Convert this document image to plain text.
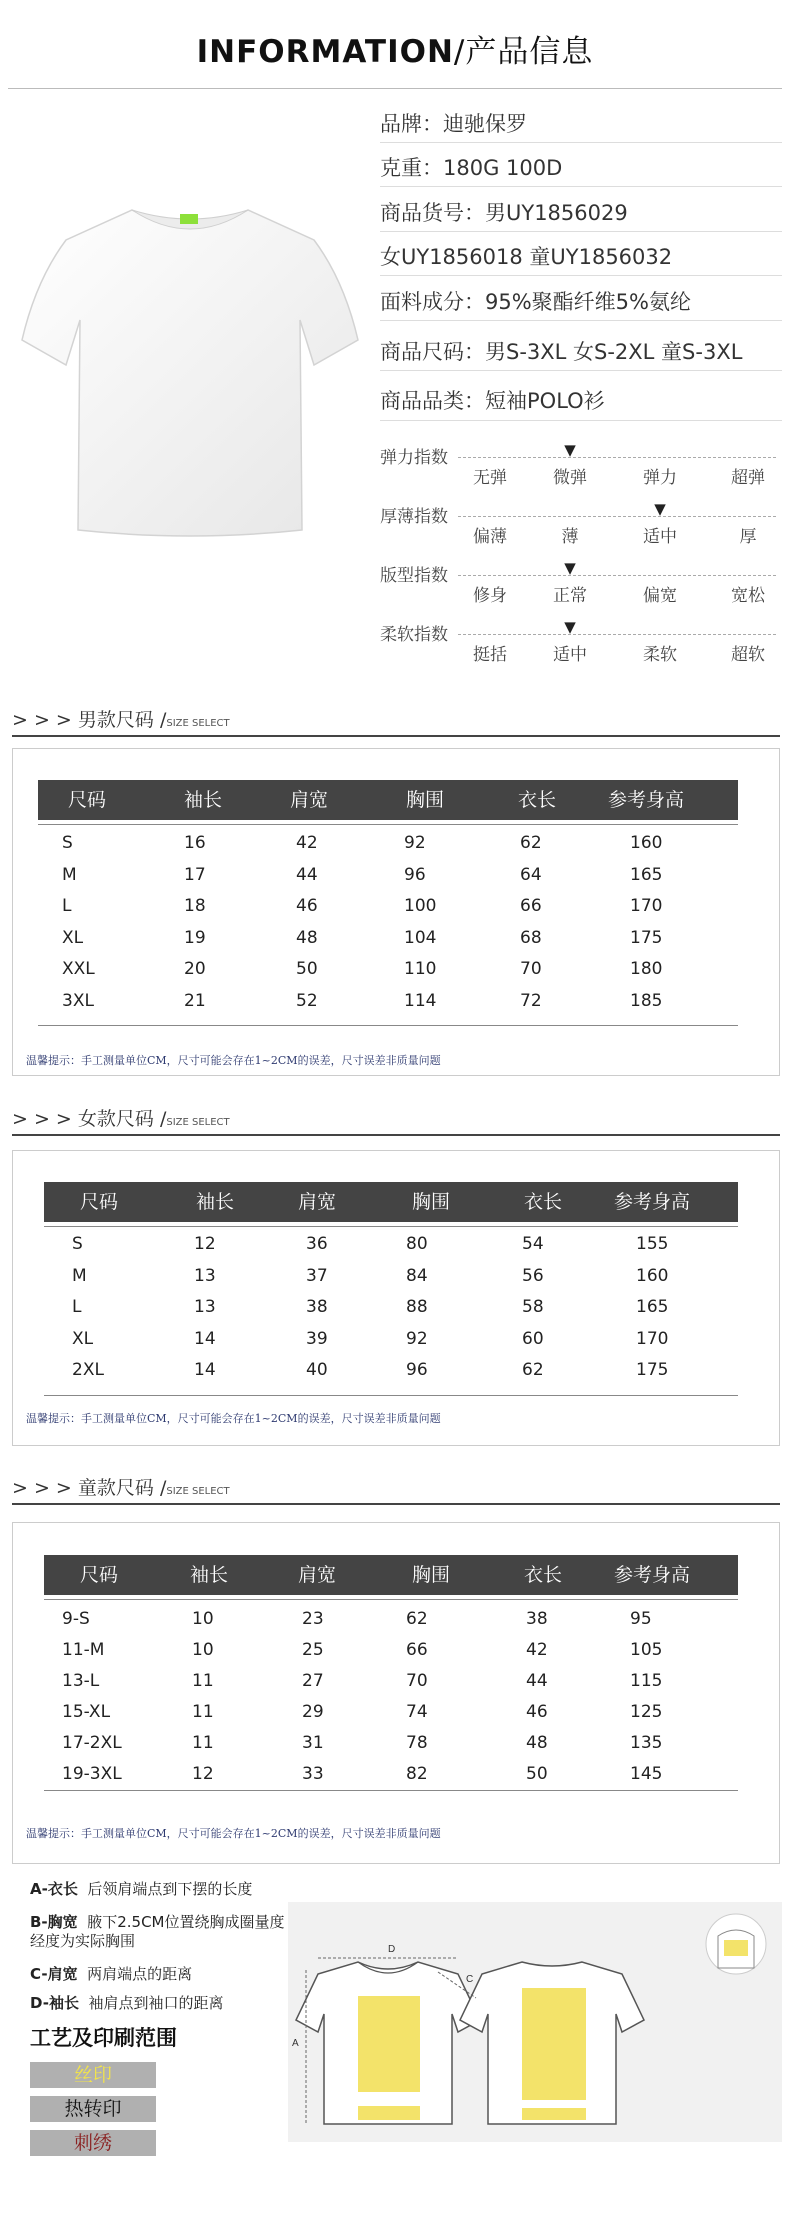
INFORMATION/产品信息
品牌：迪驰保罗
克重：180G 100D
商品货号：男UY1856029
女UY1856018 童UY1856032
面料成分：95%聚酯纤维5%氨纶
商品尺码：男S-3XL 女S-2XL 童S-3XL
商品品类：短袖POLO衫
弹力指数
无弹	微弹	弹力	超弹
▼
厚薄指数
偏薄	薄	适中	厚
▼
版型指数
修身	正常	偏宽	宽松
▼
柔软指数
挺括	适中	柔软	超软
▼
> > > 男款尺码 /SIZE SELECT
尺码	袖长	肩宽	胸围	衣长	参考身高
S	16	42	92	62	160
M	17	44	96	64	165
L	18	46	100	66	170
XL	19	48	104	68	175
XXL	20	50	110	70	180
3XL	21	52	114	72	185
温馨提示：手工测量单位CM，尺寸可能会存在1~2CM的误差，尺寸误差非质量问题
> > > 女款尺码 /SIZE SELECT
尺码	袖长	肩宽	胸围	衣长	参考身高
S	12	36	80	54	155
M	13	37	84	56	160
L	13	38	88	58	165
XL	14	39	92	60	170
2XL	14	40	96	62	175
温馨提示：手工测量单位CM，尺寸可能会存在1~2CM的误差，尺寸误差非质量问题
> > > 童款尺码 /SIZE SELECT
尺码	袖长	肩宽	胸围	衣长	参考身高
9-S	10	23	62	38	95
11-M	10	25	66	42	105
13-L	11	27	70	44	115
15-XL	11	29	74	46	125
17-2XL	11	31	78	48	135
19-3XL	12	33	82	50	145
温馨提示：手工测量单位CM，尺寸可能会存在1~2CM的误差，尺寸误差非质量问题
A-衣长 后领肩端点到下摆的长度
B-胸宽 腋下2.5CM位置绕胸成圈量度经度为实际胸围
C-肩宽 两肩端点的距离
D-袖长 袖肩点到袖口的距离
工艺及印刷范围
丝印
热转印
刺绣
D
C
A
